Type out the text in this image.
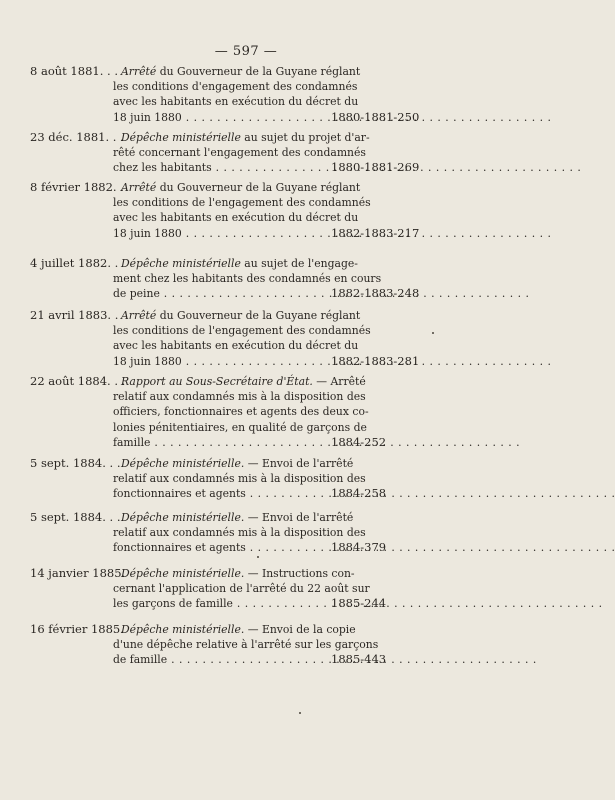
— 597 —
8 août 1881. . . Arrêté du Gouverneur de la Guyane réglant
les conditions d'engagement des condamnés
avec les habitants en exécution du décret du
18 juin 1880 . . .	1880-1881-250
23 déc. 1881. . .
Dépêche ministérielle au sujet du projet d'ar-
rêté concernant l'engagement des condamnés
chez les habitants . . .	1880-1881-269
8 février 1882. .
Arrêté du Gouverneur de la Guyane réglant
les conditions de l'engagement des condamnés
avec les habitants en exécution du décret du
18 juin 1880 . . .	1882-1883-217
4 juillet 1882. . Dépêche ministérielle au sujet de l'engage-
ment chez les habitants des condamnés en cours
de peine . . .	1882-1883-248
21 avril 1883. . Arrêté du Gouverneur de la Guyane réglant
les conditions de l'engagement des condamnés
avec les habitants en exécution du décret du
18 juin 1880 . . .	1882-1883-281
22 août 1884. . .
Rapport au Sous-Secrétaire d'État. — Arrêté
relatif aux condamnés mis à la disposition des
officiers, fonctionnaires et agents des deux co-
lonies pénitentiaires, en qualité de garçons de
famille . . .	1884-252
5 sept. 1884. . . Dépêche ministérielle. — Envoi de l'arrêté
relatif aux condamnés mis à la disposition des
fonctionnaires et agents . . .	1884-258
5 sept. 1884. . . Dépêche ministérielle. — Envoi de l'arrêté
relatif aux condamnés mis à la disposition des
fonctionnaires et agents . . .	1884-379
14 janvier 1885.
Dépêche ministérielle. — Instructions con-
cernant l'application de l'arrêté du 22 août sur
les garçons de famille . . .	1885-244
16 février 1885.
Dépêche ministérielle. — Envoi de la copie
d'une dépêche relative à l'arrêté sur les garçons
de famille . . .	1885-443
